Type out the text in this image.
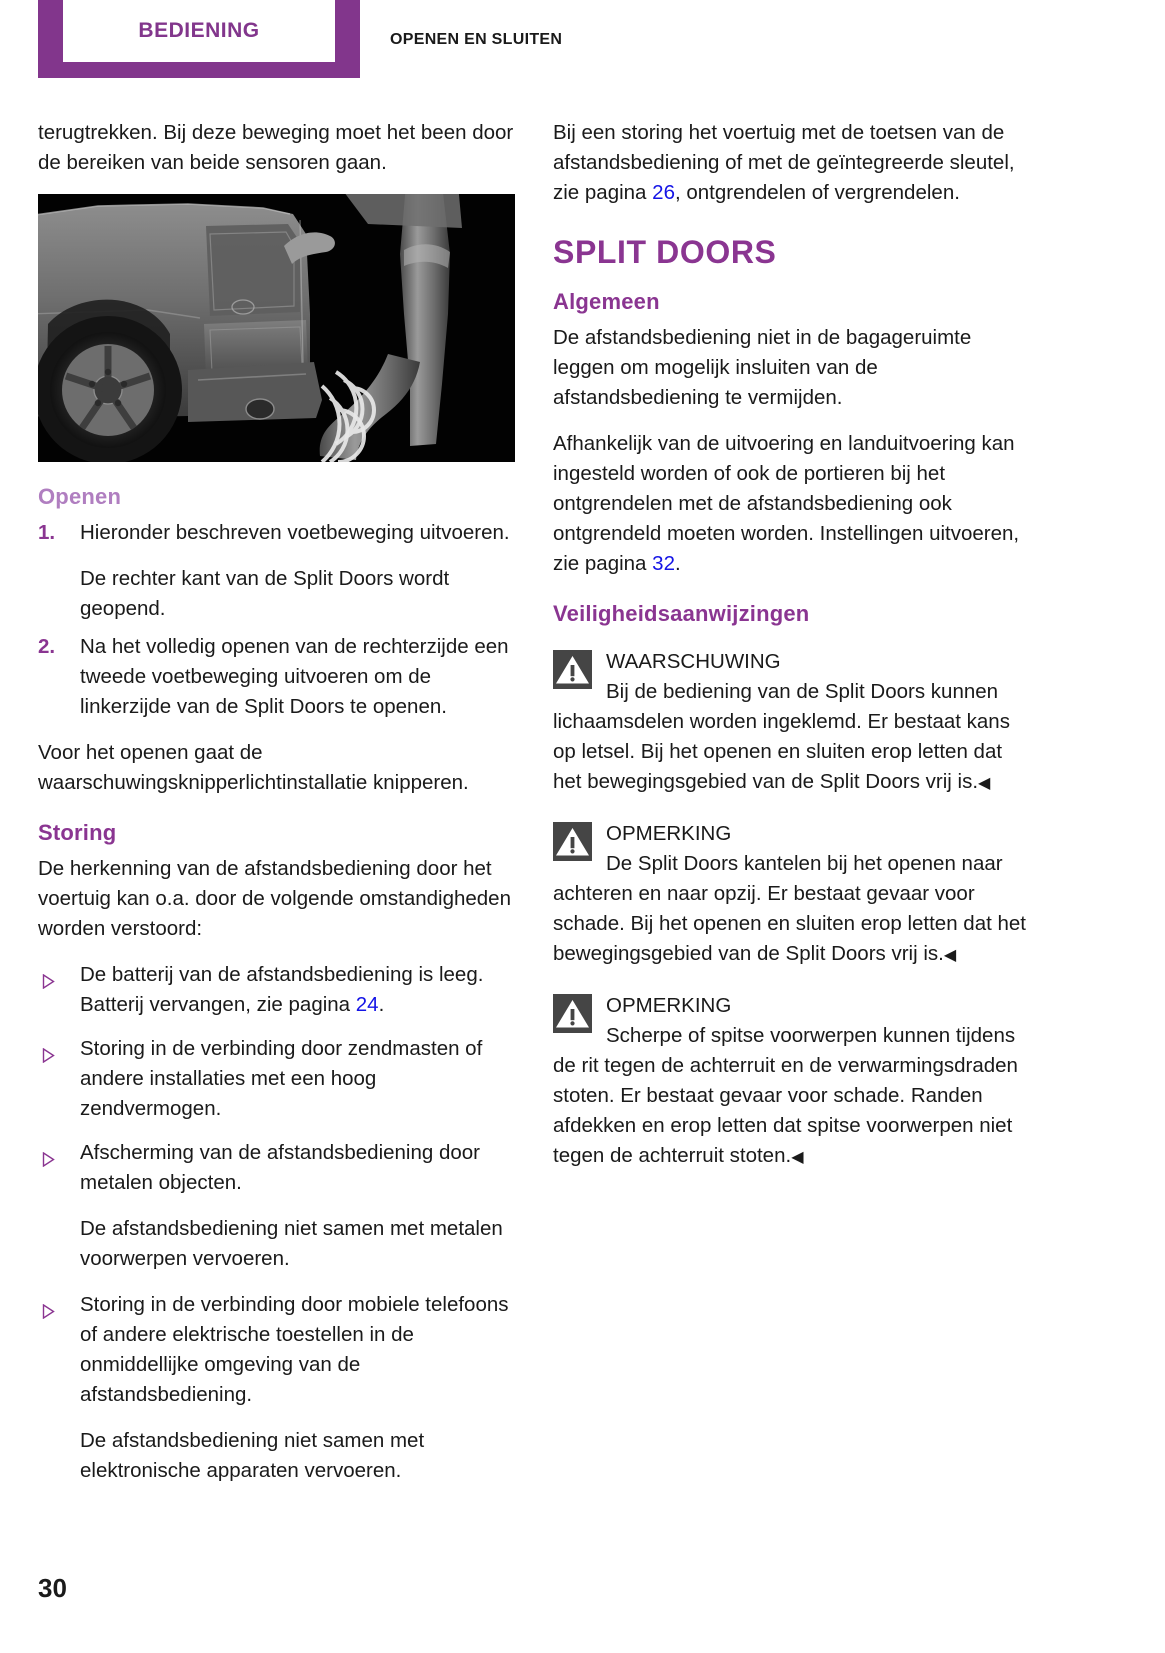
BEDIENING	OPENEN EN SLUITEN

terugtrekken. Bij deze beweging moet het been door de bereiken van beide sensoren gaan.

Openen
1. Hieronder beschreven voetbeweging uitvoeren.

De rechter kant van de Split Doors wordt geopend.

2. Na het volledig openen van de rechterzijde een tweede voetbeweging uitvoeren om de linkerzijde van de Split Doors te openen.

Voor het openen gaat de waarschuwingsknipperlichtinstallatie knipperen.

Storing

De herkenning van de afstandsbediening door het voertuig kan o.a. door de volgende omstandigheden worden verstoord:

De batterij van de afstandsbediening is leeg. Batterij vervangen, zie pagina 24.
Storing in de verbinding door zendmasten of andere installaties met een hoog zendvermogen.
Afscherming van de afstandsbediening door metalen objecten.

De afstandsbediening niet samen met metalen voorwerpen vervoeren.

Storing in de verbinding door mobiele telefoons of andere elektrische toestellen in de onmiddellijke omgeving van de afstandsbediening.

De afstandsbediening niet samen met elektronische apparaten vervoeren.

Bij een storing het voertuig met de toetsen van de afstandsbediening of met de geïntegreerde sleutel, zie pagina 26, ontgrendelen of vergrendelen.

SPLIT DOORS
Algemeen

De afstandsbediening niet in de bagageruimte leggen om mogelijk insluiten van de afstandsbediening te vermijden.

Afhankelijk van de uitvoering en landuitvoering kan ingesteld worden of ook de portieren bij het ontgrendelen met de afstandsbediening ook ontgrendeld moeten worden. Instellingen uitvoeren, zie pagina 32.

Veiligheidsaanwijzingen

WAARSCHUWING

Bij de bediening van de Split Doors kunnen lichaamsdelen worden ingeklemd. Er bestaat kans op letsel. Bij het openen en sluiten erop letten dat het bewegingsgebied van de Split Doors vrij is.◀

OPMERKING

De Split Doors kantelen bij het openen naar achteren en naar opzij. Er bestaat gevaar voor schade. Bij het openen en sluiten erop letten dat het bewegingsgebied van de Split Doors vrij is.◀

OPMERKING

Scherpe of spitse voorwerpen kunnen tijdens de rit tegen de achterruit en de verwarmingsdraden stoten. Er bestaat gevaar voor schade. Randen afdekken en erop letten dat spitse voorwerpen niet tegen de achterruit stoten.◀

30
